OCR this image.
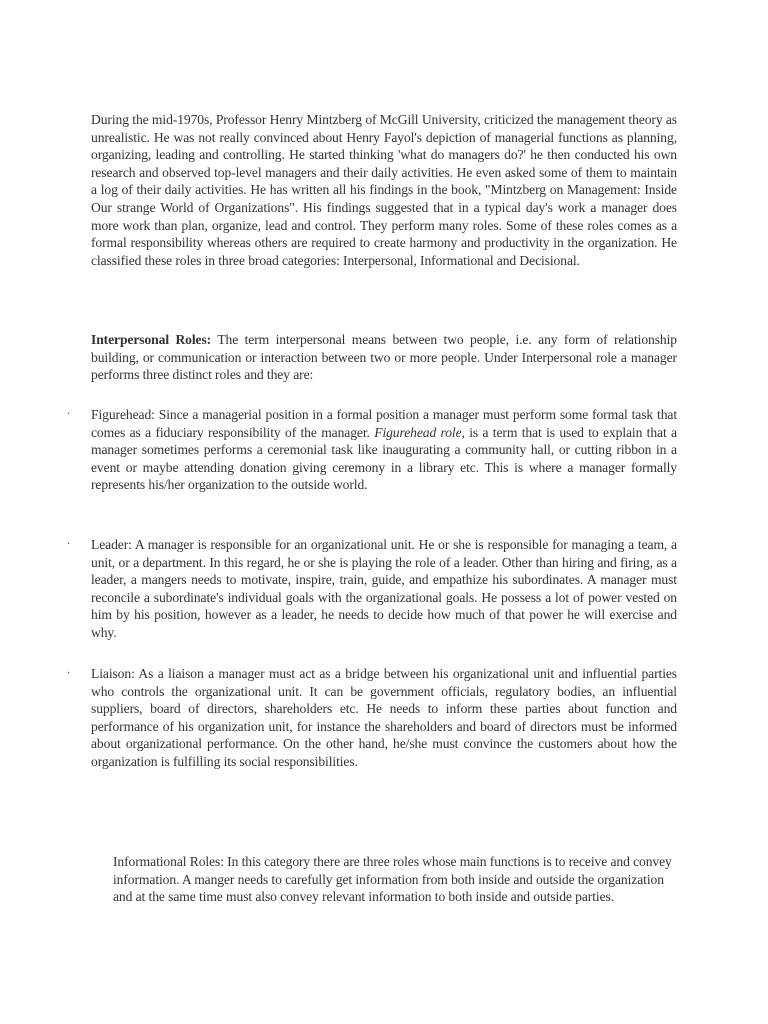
During the mid-1970s, Professor Henry Mintzberg of McGill University, criticized the management theory as unrealistic. He was not really convinced about Henry Fayol's depiction of managerial functions as planning, organizing, leading and controlling. He started thinking 'what do managers do?' he then conducted his own research and observed top-level managers and their daily activities. He even asked some of them to maintain a log of their daily activities. He has written all his findings in the book, "Mintzberg on Management: Inside Our strange World of Organizations". His findings suggested that in a typical day's work a manager does more work than plan, organize, lead and control. They perform many roles. Some of these roles comes as a formal responsibility whereas others are required to create harmony and productivity in the organization. He classified these roles in three broad categories: Interpersonal, Informational and Decisional.

Interpersonal Roles: The term interpersonal means between two people, i.e. any form of relationship building, or communication or interaction between two or more people. Under Interpersonal role a manager performs three distinct roles and they are:

· Figurehead: Since a managerial position in a formal position a manager must perform some formal task that comes as a fiduciary responsibility of the manager. Figurehead role, is a term that is used to explain that a manager sometimes performs a ceremonial task like inaugurating a community hall, or cutting ribbon in a event or maybe attending donation giving ceremony in a library etc. This is where a manager formally represents his/her organization to the outside world.

· Leader: A manager is responsible for an organizational unit. He or she is responsible for managing a team, a unit, or a department. In this regard, he or she is playing the role of a leader. Other than hiring and firing, as a leader, a mangers needs to motivate, inspire, train, guide, and empathize his subordinates. A manager must reconcile a subordinate's individual goals with the organizational goals. He possess a lot of power vested on him by his position, however as a leader, he needs to decide how much of that power he will exercise and why.

· Liaison: As a liaison a manager must act as a bridge between his organizational unit and influential parties who controls the organizational unit. It can be government officials, regulatory bodies, an influential suppliers, board of directors, shareholders etc. He needs to inform these parties about function and performance of his organization unit, for instance the shareholders and board of directors must be informed about organizational performance. On the other hand, he/she must convince the customers about how the organization is fulfilling its social responsibilities.

Informational Roles: In this category there are three roles whose main functions is to receive and convey information. A manger needs to carefully get information from both inside and outside the organization and at the same time must also convey relevant information to both inside and outside parties.
